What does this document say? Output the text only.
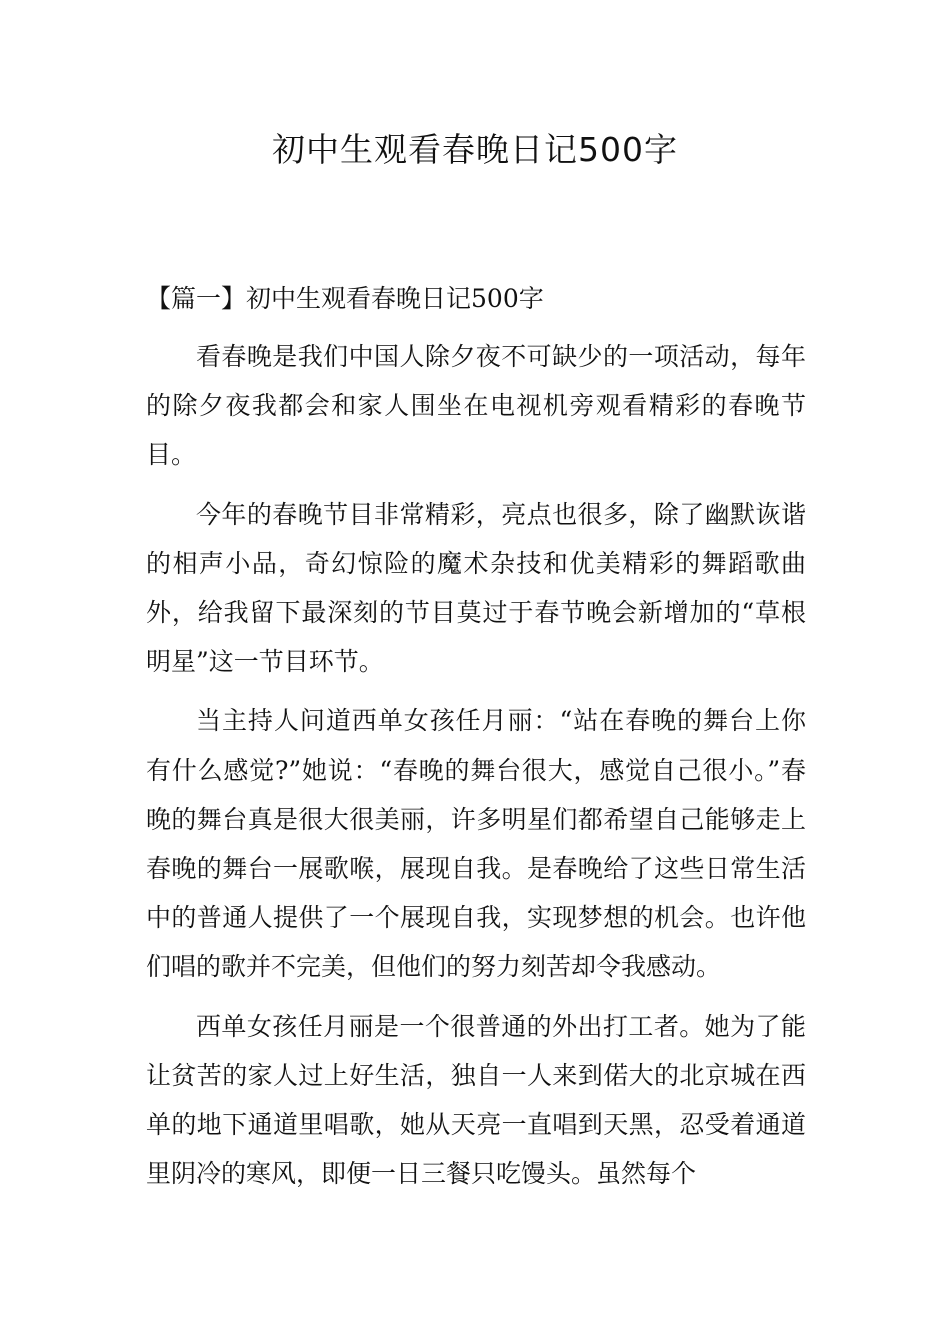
初中生观看春晚日记500字

【篇一】初中生观看春晚日记500字

看春晚是我们中国人除夕夜不可缺少的一项活动，每年的除夕夜我都会和家人围坐在电视机旁观看精彩的春晚节目。

今年的春晚节目非常精彩，亮点也很多，除了幽默诙谐的相声小品，奇幻惊险的魔术杂技和优美精彩的舞蹈歌曲外，给我留下最深刻的节目莫过于春节晚会新增加的“草根明星”这一节目环节。

当主持人问道西单女孩任月丽：“站在春晚的舞台上你有什么感觉?”她说：“春晚的舞台很大，感觉自己很小。”春晚的舞台真是很大很美丽，许多明星们都希望自己能够走上春晚的舞台一展歌喉，展现自我。是春晚给了这些日常生活中的普通人提供了一个展现自我，实现梦想的机会。也许他们唱的歌并不完美，但他们的努力刻苦却令我感动。

西单女孩任月丽是一个很普通的外出打工者。她为了能让贫苦的家人过上好生活，独自一人来到偌大的北京城在西单的地下通道里唱歌，她从天亮一直唱到天黑，忍受着通道里阴冷的寒风，即便一日三餐只吃馒头。虽然每个
